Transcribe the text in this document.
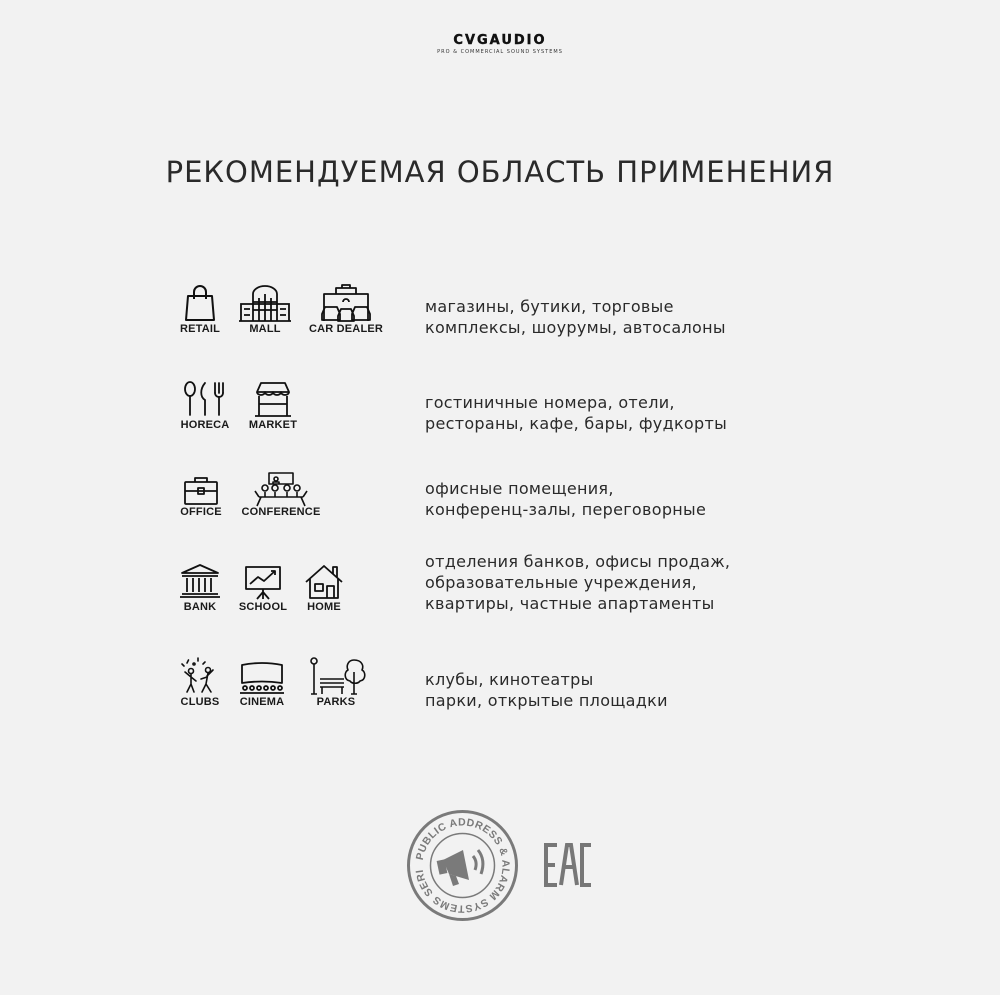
CVGAUDIO
PRO & COMMERCIAL SOUND SYSTEMS
РЕКОМЕНДУЕМАЯ ОБЛАСТЬ ПРИМЕНЕНИЯ
RETAIL	MALL	CAR DEALER
магазины, бутики, торговые
комплексы, шоурумы, автосалоны
HORECA	MARKET
гостиничные номера, отели,
рестораны, кафе, бары, фудкорты
OFFICE	CONFERENCE
офисные помещения,
конференц-залы, переговорные
BANK	SCHOOL	HOME
отделения банков, офисы продаж,
образовательные учреждения,
квартиры, частные апартаменты
CLUBS	CINEMA	PARKS
клубы, кинотеатры
парки, открытые площадки
PUBLIC ADDRESS & ALARM SYSTEMS SERI
EAC
